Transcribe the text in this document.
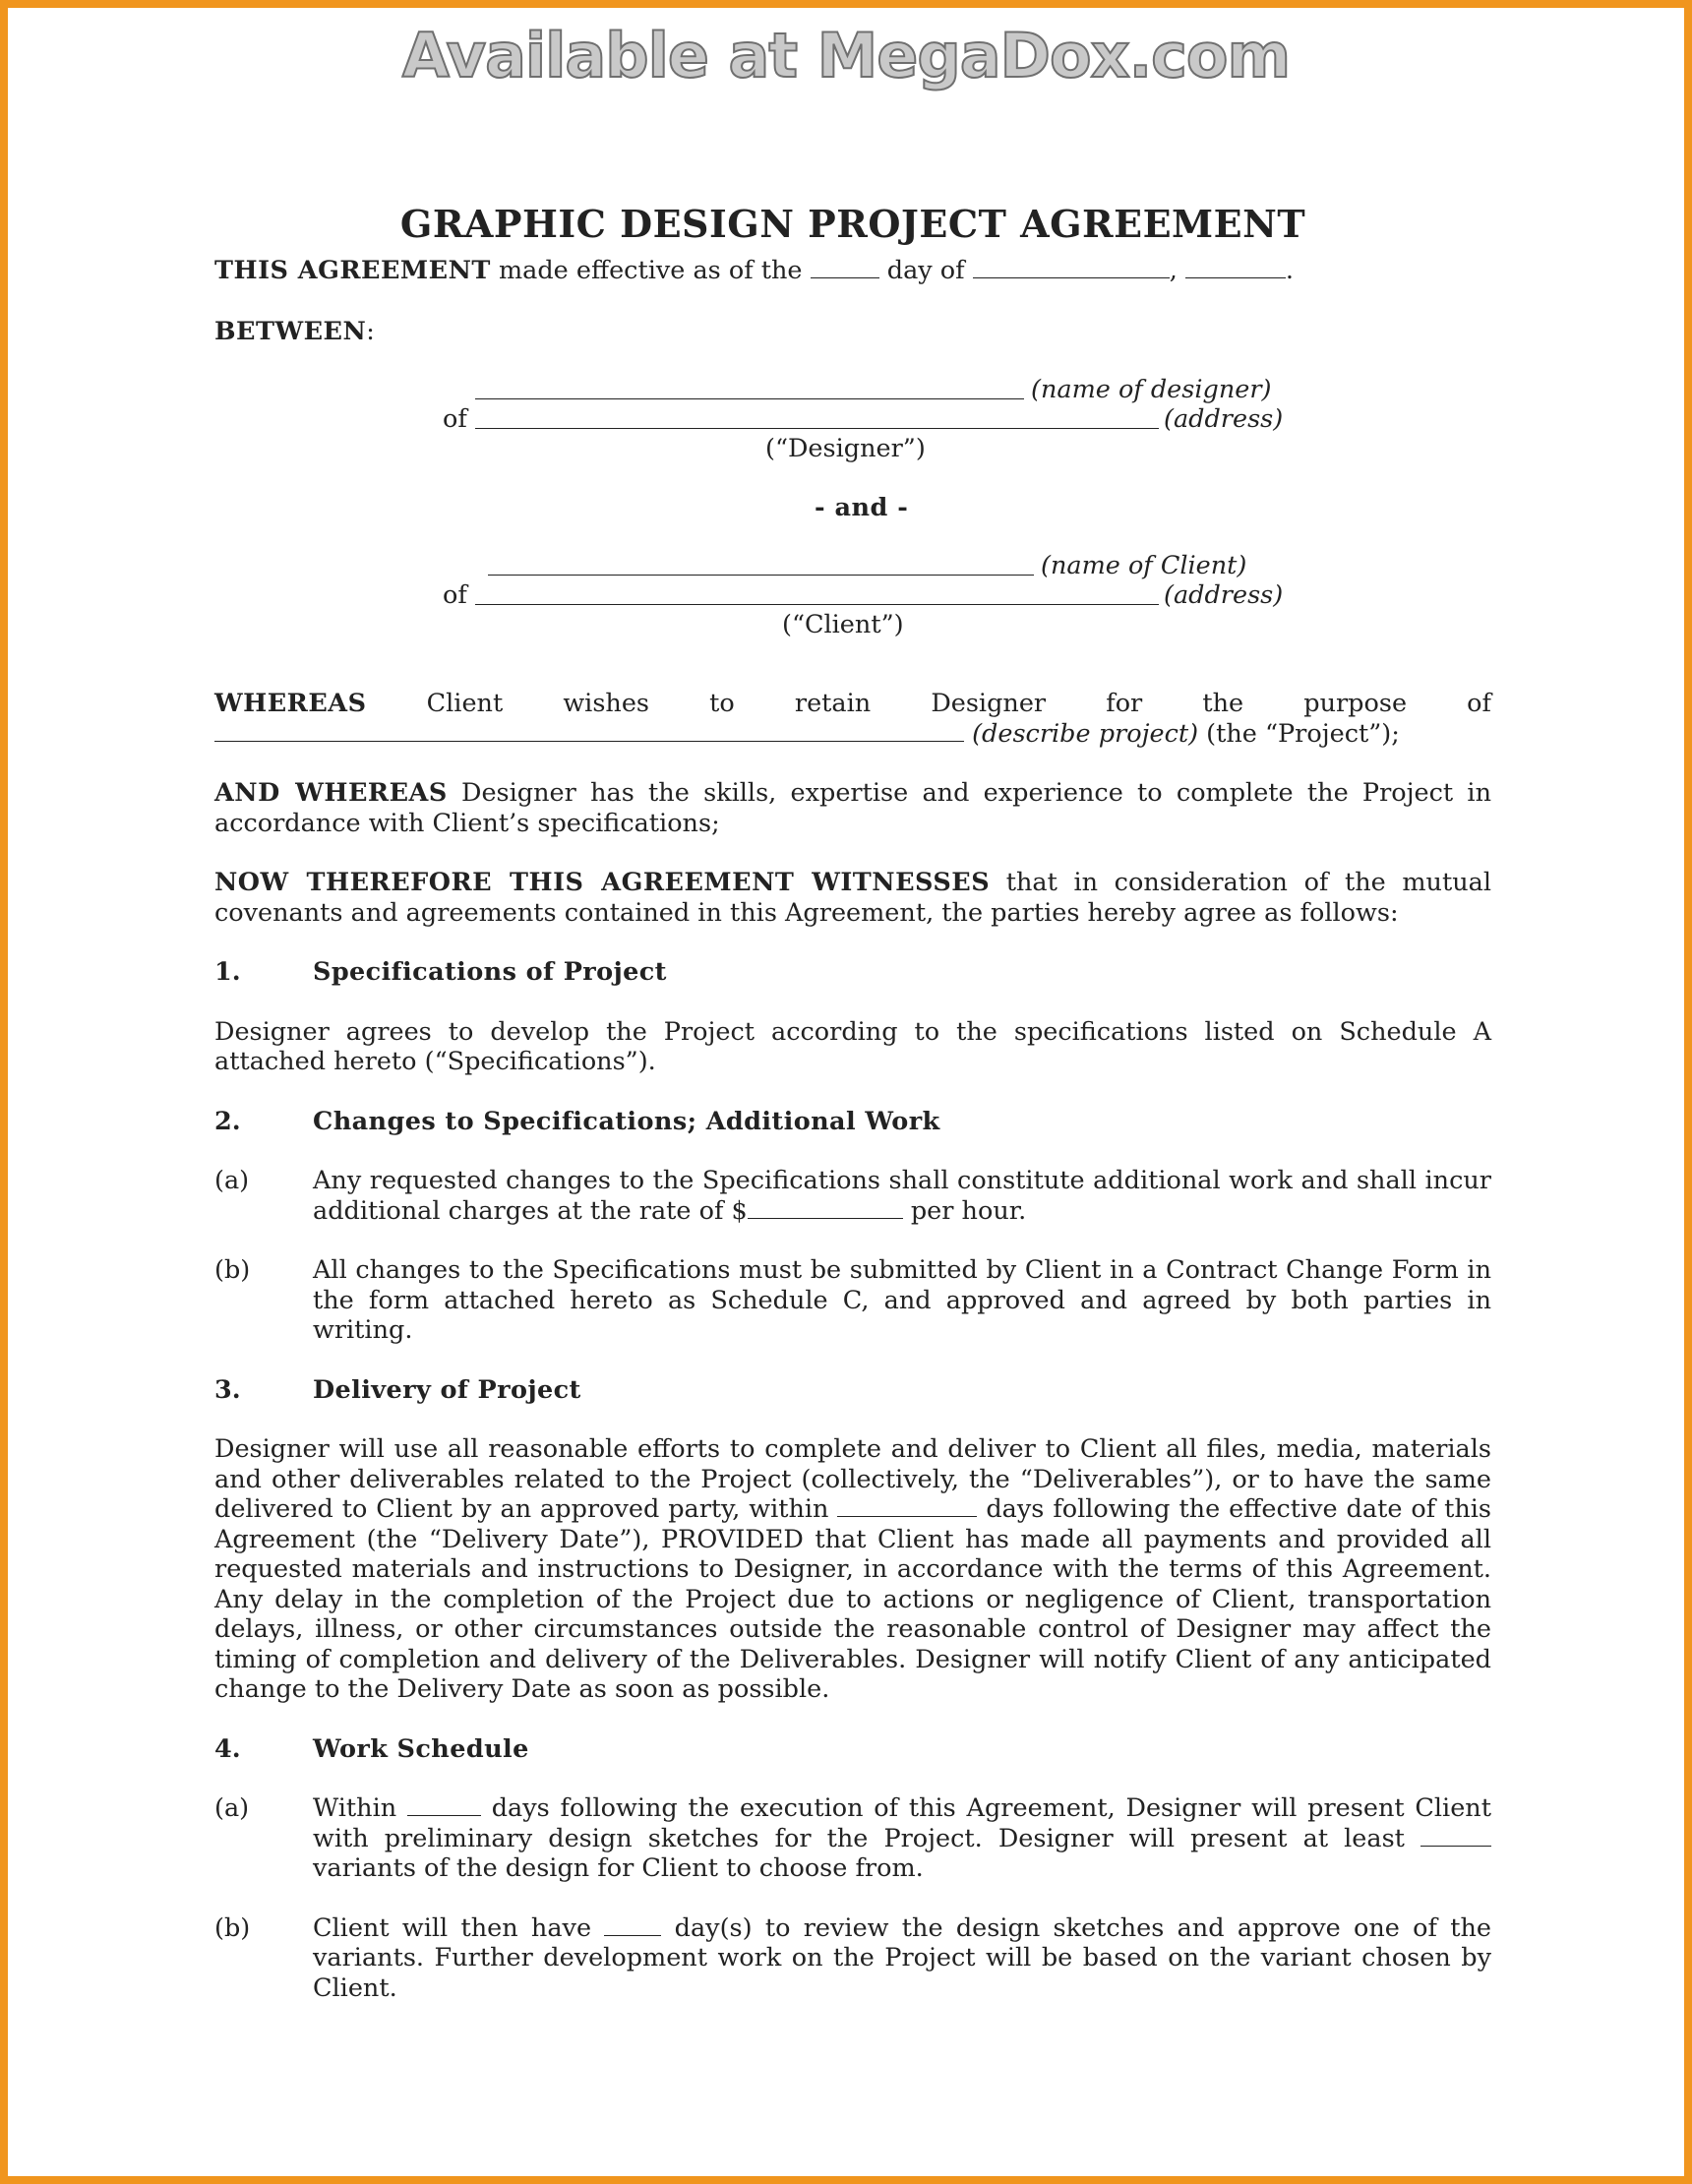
Available at MegaDox.com
GRAPHIC DESIGN PROJECT AGREEMENT

THIS AGREEMENT made effective as of the	day of	,	.

BETWEEN:

(name of designer)
of	(address)

(“Designer”)

- and -

(name of Client)
of	(address)

(“Client”)

WHEREAS Client wishes to retain Designer for the purpose of

(describe project) (the “Project”);

AND WHEREAS Designer has the skills, expertise and experience to complete the Project in accordance with Client’s specifications;

NOW THEREFORE THIS AGREEMENT WITNESSES that in consideration of the mutual covenants and agreements contained in this Agreement, the parties hereby agree as follows:

1.	Specifications of Project

Designer agrees to develop the Project according to the specifications listed on Schedule A attached hereto (“Specifications”).

2.	Changes to Specifications; Additional Work
(a)	Any requested changes to the Specifications shall constitute additional work and shall incur additional charges at the rate of $	per hour.
(b)	All changes to the Specifications must be submitted by Client in a Contract Change Form in the form attached hereto as Schedule C, and approved and agreed by both parties in writing.
3.	Delivery of Project

Designer will use all reasonable efforts to complete and deliver to Client all files, media, materials and other deliverables related to the Project (collectively, the “Deliverables”), or to have the same delivered to Client by an approved party, within	days following the effective date of this Agreement (the “Delivery Date”), PROVIDED that Client has made all payments and provided all requested materials and instructions to Designer, in accordance with the terms of this Agreement. Any delay in the completion of the Project due to actions or negligence of Client, transportation delays, illness, or other circumstances outside the reasonable control of Designer may affect the timing of completion and delivery of the Deliverables. Designer will notify Client of any anticipated change to the Delivery Date as soon as possible.

4.	Work Schedule
(a)	Within	days following the execution of this Agreement, Designer will present Client with preliminary design sketches for the Project. Designer will present at least  variants of the design for Client to choose from.
(b)	Client will then have  day(s) to review the design sketches and approve one of the variants. Further development work on the Project will be based on the variant chosen by Client.
